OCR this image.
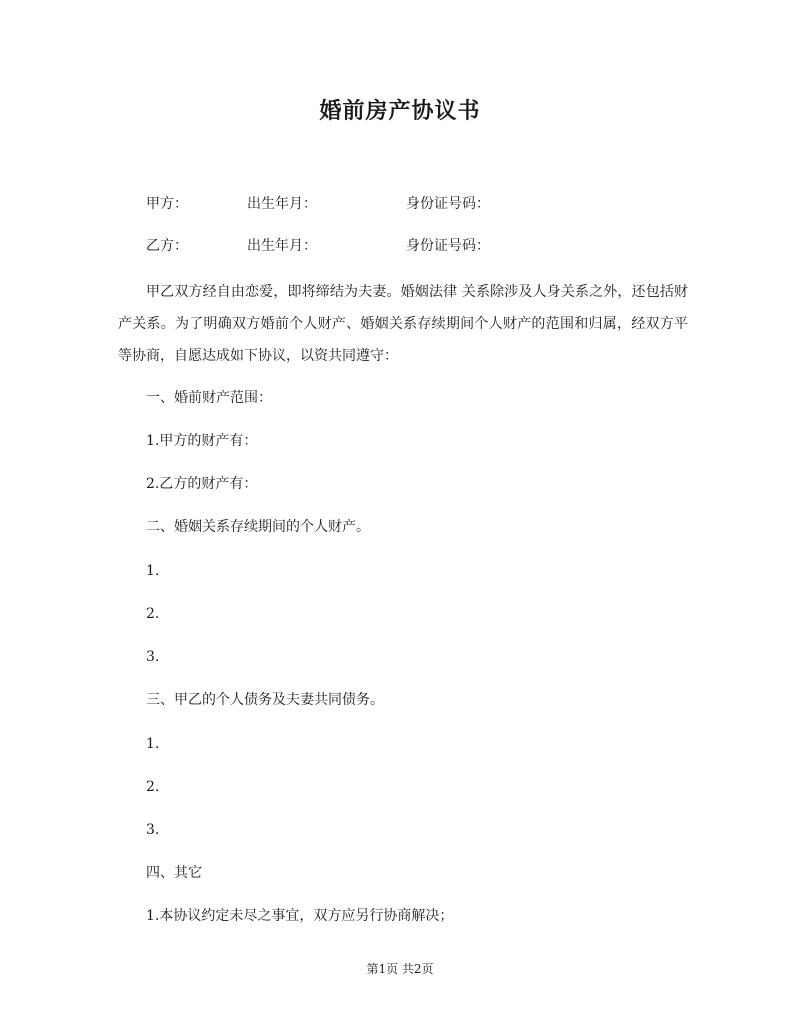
婚前房产协议书
甲方：	出生年月：	身份证号码：
乙方：	出生年月：	身份证号码：
甲乙双方经自由恋爱，即将缔结为夫妻。婚姻法律 关系除涉及人身关系之外，还包括财产关系。为了明确双方婚前个人财产、婚姻关系存续期间个人财产的范围和归属，经双方平等协商，自愿达成如下协议，以资共同遵守：
一、婚前财产范围：
1.甲方的财产有：
2.乙方的财产有：
二、婚姻关系存续期间的个人财产。
1.
2.
3.
三、甲乙的个人债务及夫妻共同债务。
1.
2.
3.
四、其它
1.本协议约定未尽之事宜，双方应另行协商解决；
第1页 共2页
